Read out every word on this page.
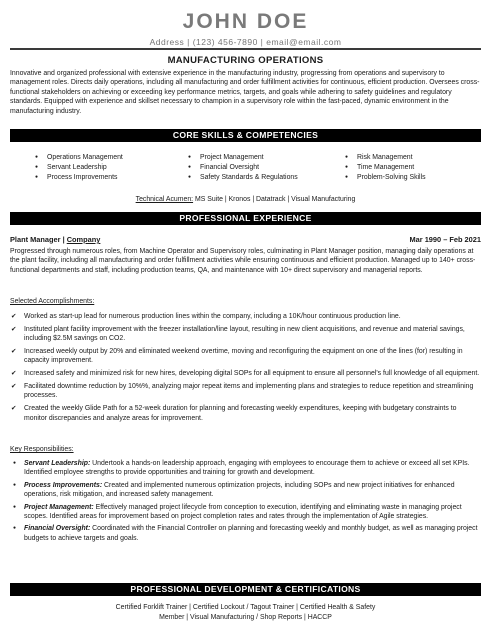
JOHN DOE
Address | (123) 456-7890 | email@email.com
MANUFACTURING OPERATIONS
Innovative and organized professional with extensive experience in the manufacturing industry, progressing from operations and supervisory to management roles. Directs daily operations, including all manufacturing and order fulfillment activities for continuous, efficient production. Oversees cross-functional stakeholders on achieving or exceeding key performance metrics, targets, and goals while adhering to safety guidelines and regulatory standards. Equipped with experience and skillset necessary to champion in a supervisory role within the fast-paced, dynamic environment in the manufacturing industry.
CORE SKILLS & COMPETENCIES
● Operations Management
● Servant Leadership
● Process Improvements
● Project Management
● Financial Oversight
● Safety Standards & Regulations
● Risk Management
● Time Management
● Problem-Solving Skills
Technical Acumen: MS Suite | Kronos | Datatrack | Visual Manufacturing
PROFESSIONAL EXPERIENCE
Plant Manager | Company	Mar 1990 – Feb 2021
Progressed through numerous roles, from Machine Operator and Supervisory roles, culminating in Plant Manager position, managing daily operations at the plant facility, including all manufacturing and order fulfillment activities while ensuring continuous and efficient production. Managed up to 140+ cross-functional departments and staff, including production teams, QA, and maintenance with 10+ direct supervisory and managerial reports.
Selected Accomplishments:
✔ Worked as start-up lead for numerous production lines within the company, including a 10K/hour continuous production line.
✔ Instituted plant facility improvement with the freezer installation/line layout, resulting in new client acquisitions, and revenue and material savings, including $2.5M savings on CO2.
✔ Increased weekly output by 20% and eliminated weekend overtime, moving and reconfiguring the equipment on one of the lines (for) resulting in capacity improvement.
✔ Increased safety and minimized risk for new hires, developing digital SOPs for all equipment to ensure all personnel's full knowledge of all equipment.
✔ Facilitated downtime reduction by 10%%, analyzing major repeat items and implementing plans and strategies to reduce repetition and streamlining processes.
✔ Created the weekly Glide Path for a 52-week duration for planning and forecasting weekly expenditures, keeping with budgetary constraints to monitor discrepancies and analyze areas for improvement.
Key Responsibilities:
● Servant Leadership: Undertook a hands-on leadership approach, engaging with employees to encourage them to achieve or exceed all set KPIs. Identified employee strengths to provide opportunities and training for growth and development.
● Process Improvements: Created and implemented numerous optimization projects, including SOPs and new project initiatives for enhanced operations, risk mitigation, and increased safety management.
● Project Management: Effectively managed project lifecycle from conception to execution, identifying and eliminating waste in managing project scopes. Identified areas for improvement based on project completion rates and rates through the implementation of Agile strategies.
● Financial Oversight: Coordinated with the Financial Controller on planning and forecasting weekly and monthly budget, as well as managing project budgets to achieve targets and goals.
PROFESSIONAL DEVELOPMENT & CERTIFICATIONS
Certified Forklift Trainer | Certified Lockout / Tagout Trainer | Certified Health & Safety
Member | Visual Manufacturing / Shop Reports | HACCP
